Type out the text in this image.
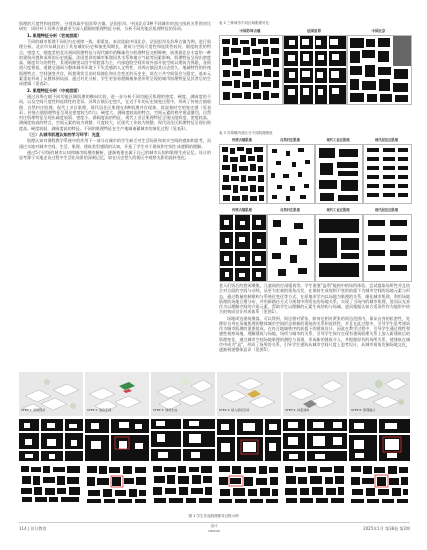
肌理的尺度性和连续性。分别选取中国苏埠古镇、法国里昂、中国北京3种不同城市的黑白图底关系图对比研究：同时对于苏埠古镇做更为深入精细的肌理特征分析，分析不同功能区肌理特征的异同。

1. 肌理特征分析（宏观层面）

不同的城市肌理不同但内在规律一致。即重复。本次选取中国北京、法国里昂及苏埠古镇为例，进行肌理分析。北京市东城区由于其皇城的历史和演变周期长，建筑与空间尺度性和连续性较好，细度较差的特点，密度大，细度差的北京胡同肌理特征与现代城市的稀疏均匀肌理特征交相辉映，展现着北京丰富的一种的建筑风貌和深厚的历史底蕴。法国里昂的城市肌理因其水系和地方气候等因素影响，肌理特征呈现出密度高、细度均匀的特性，其建筑细密以回字形院落为主，内部庭院空间形成外部开放空间以建筑为界限，各街道尺度相似，道路交通网与整体城市环境下不失美感的人文特性，苏埠古镇因其历史悠久，地域特性的传统肌理特点，空间演变共存，街巷现状呈出时间演化和社会变迁的历史史，故在公共空间留会与限定，基本元素重复形成了从整体到局部，通过对比分析，学生更容易理解抽象图形所呈现的城市肌理特征及其背后的生成逻辑（见表2）。

2. 肌理特征分析（中观层面）

通过苏埠古镇不同功能区域肌理的横向比较，进一步分析不同功能区肌理的密度、硬度、满阀度的不同，以及空间尺度性和连续性的差异。苏埠古镇历史悠久，在近千年的历史演变过程中，形成了传统古镇肌理、自然村庄肌理、现代工业区肌理、现代居住区肌理在4种肌理并存现象，诉说着时空的变迁感（见表3）。传统古镇肌理特征呈现出密度较为均匀、硬度大、满阀度较高的特点，空间元素的秩序建造激烈。自然村庄肌理特征呈现出疏度较弱、密度小、满阀度高的特征。现代工业区肌理特征呈现出组织度、密度较高、满阀度较高的特点，空间元素的较为规整，尺度较大，近现代工业较为规整，现代居住区肌理特征呈现出纵度高、硬度较弱，满阀度高的特征。不同的肌理特征在生产地域诸蓄城市的演化过程（见表3）。

（三）从城市肌理认知的学习环节：光盘

肌理认知对课程教学系统中的作用下一部分自城市的学生缺乏对生活场景和真实空间的感知和思考，而通过实地对城市空间、生活、肌理、建筑类型感情的认知，开拓了学生对于建筑和空间生成逻辑的理解。

通过5个层级的城市认知和城市肌理的解析，逐渐构建出属于自己的城市认知和肌理生成记忆。设计的思考源于实地走访过程中生活化场景的深刻记忆，如在历史悠久的街区中观察光影的流转变化。

表 2 三种城市不同区域肌理对比
中国苏埠古镇	法国里昂	中国北京
表 3 苏埠镇内部区分不同肌理图底
传统古镇肌理	自然村庄肌理	现代工业区肌理	现代居住区肌理
传统古镇肌理	自然村庄肌理	现代工业区肌理	现代居住区肌理

老人们饭后的悠闲聚集，儿童间的打闹嬉戏等。学生借鉴"盗利"地图中的场所体验，尝试提取场所性并且结合对方面的空间与动线，从更为宏观的视角出发，在保持生成规则不变的前提下为城市空间的场地元素与形态，通过数量控制建构与系统化变化等方式，在原地形学内以场地为肌理的关系，细化城市肌理，利用场地肌理的场地合理分布，并用新路径方式与规划中所给出的场地关系，实现了当场内的城市肌理，进而以光来作为以理解空间的介质元素，帮助学生以理解的元素生成结构与场域，进而根据认知合适条件作为地形中结合的构成设计形成体系（见图1）。

场地周边建筑聚落，可以得到，周边相对紧张，如何在相对紧张的周边范围内，保证自身的私密性，处理好自身在场地肌理的整体城市空间形态和新的建筑的关系和连续性，并且在此过程中，引导学生思考建筑作为城市肌理的重要组成，在符合地域秩序的前提下的建筑设计。因此在教学过程中，引导学生通过理性和感性观察场地，理解建筑与场地、场所与城市的关系，引导学生探讨在现有建筑肌理关系上加入新建筑后的肌理变化，通过城市空间场地肌理的测绘与再现，形成新的建筑介入，并根据原有的场所关系，使建筑在城市中成为"盒"，形成了场所的关系，引导学生建筑从城市空间尺度上思考设计，从城市视角发掘场地文化，逐渐构建整体意识（见图5）。

STEP 1: 场地现状	STEP 2: 提取肌理	STEP 3: 建筑生成	STEP 4: 植入新的空间	STEP 5: 体量建构	STEP 6: 肌理融合
图 1 学生作品肌理推导过程示例
114 | 设计教育	设计
DESIGN	2025年1月 第38卷 第2期
